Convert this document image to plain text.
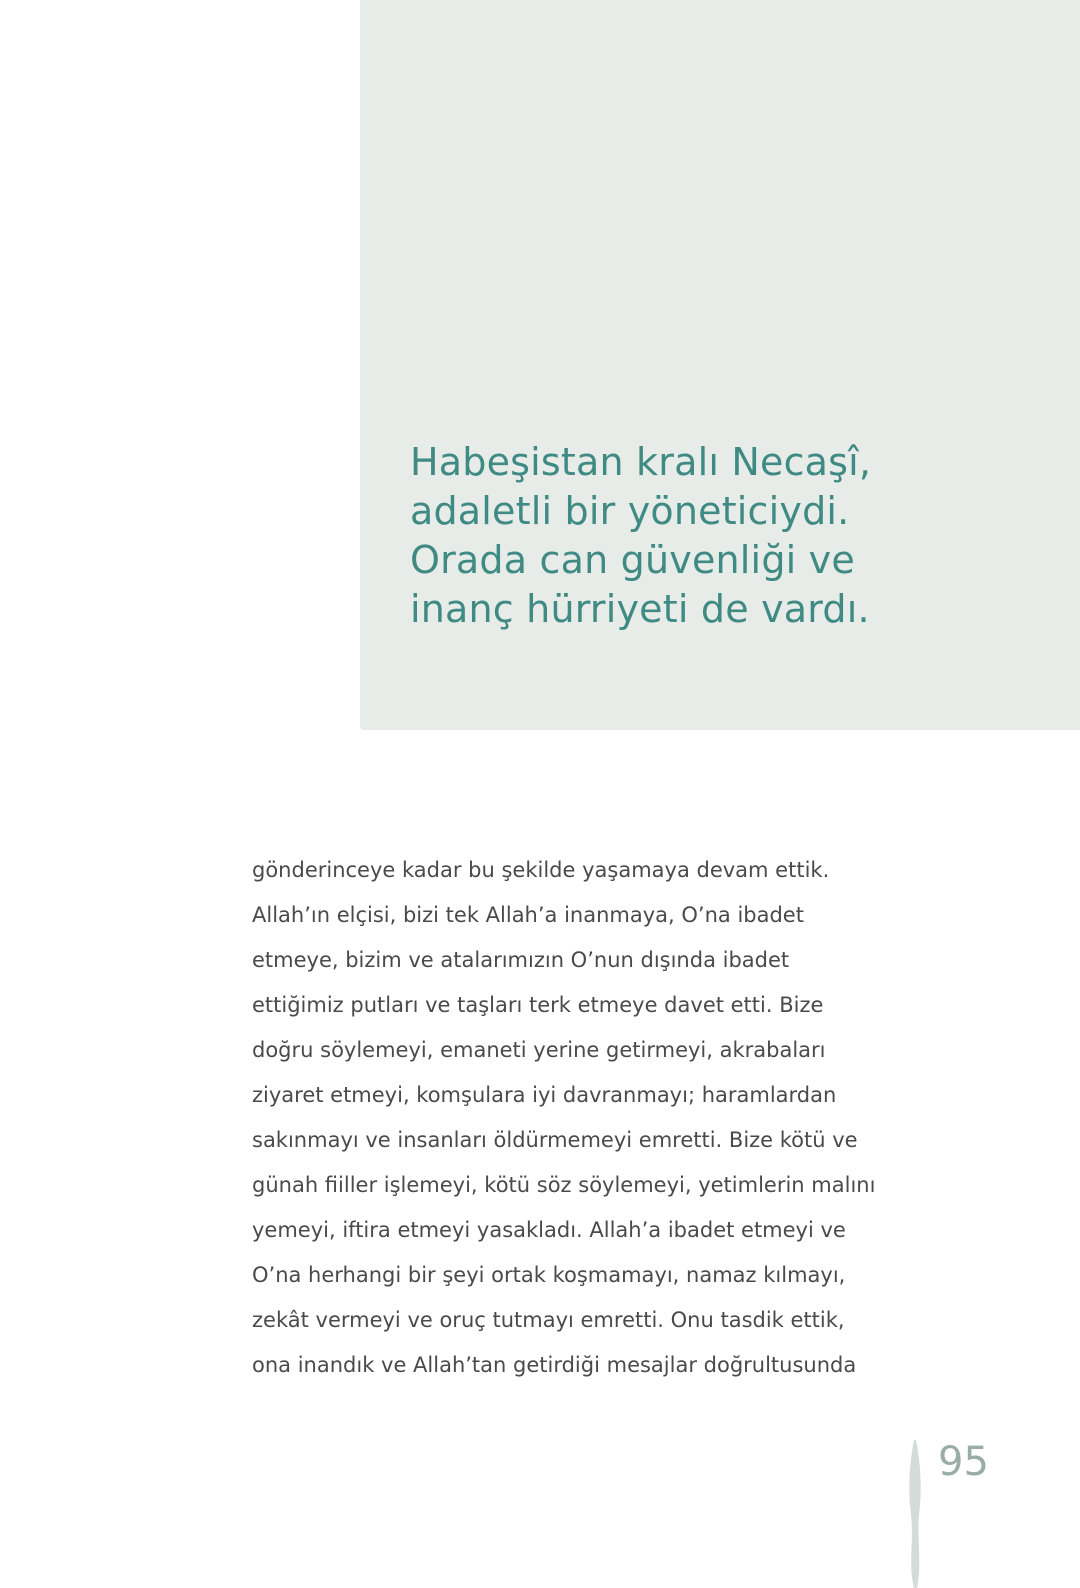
Habeşistan kralı Necaşî,
adaletli bir yöneticiydi.
Orada can güvenliği ve
inanç hürriyeti de vardı.

gönderinceye kadar bu şekilde yaşamaya devam ettik.
Allah’ın elçisi, bizi tek Allah’a inanmaya, O’na ibadet
etmeye, bizim ve atalarımızın O’nun dışında ibadet
ettiğimiz putları ve taşları terk etmeye davet etti. Bize
doğru söylemeyi, emaneti yerine getirmeyi, akrabaları
ziyaret etmeyi, komşulara iyi davranmayı; haramlardan
sakınmayı ve insanları öldürmemeyi emretti. Bize kötü ve
günah fiiller işlemeyi, kötü söz söylemeyi, yetimlerin malını
yemeyi, iftira etmeyi yasakladı. Allah’a ibadet etmeyi ve
O’na herhangi bir şeyi ortak koşmamayı, namaz kılmayı,
zekât vermeyi ve oruç tutmayı emretti. Onu tasdik ettik,
ona inandık ve Allah’tan getirdiği mesajlar doğrultusunda

95
